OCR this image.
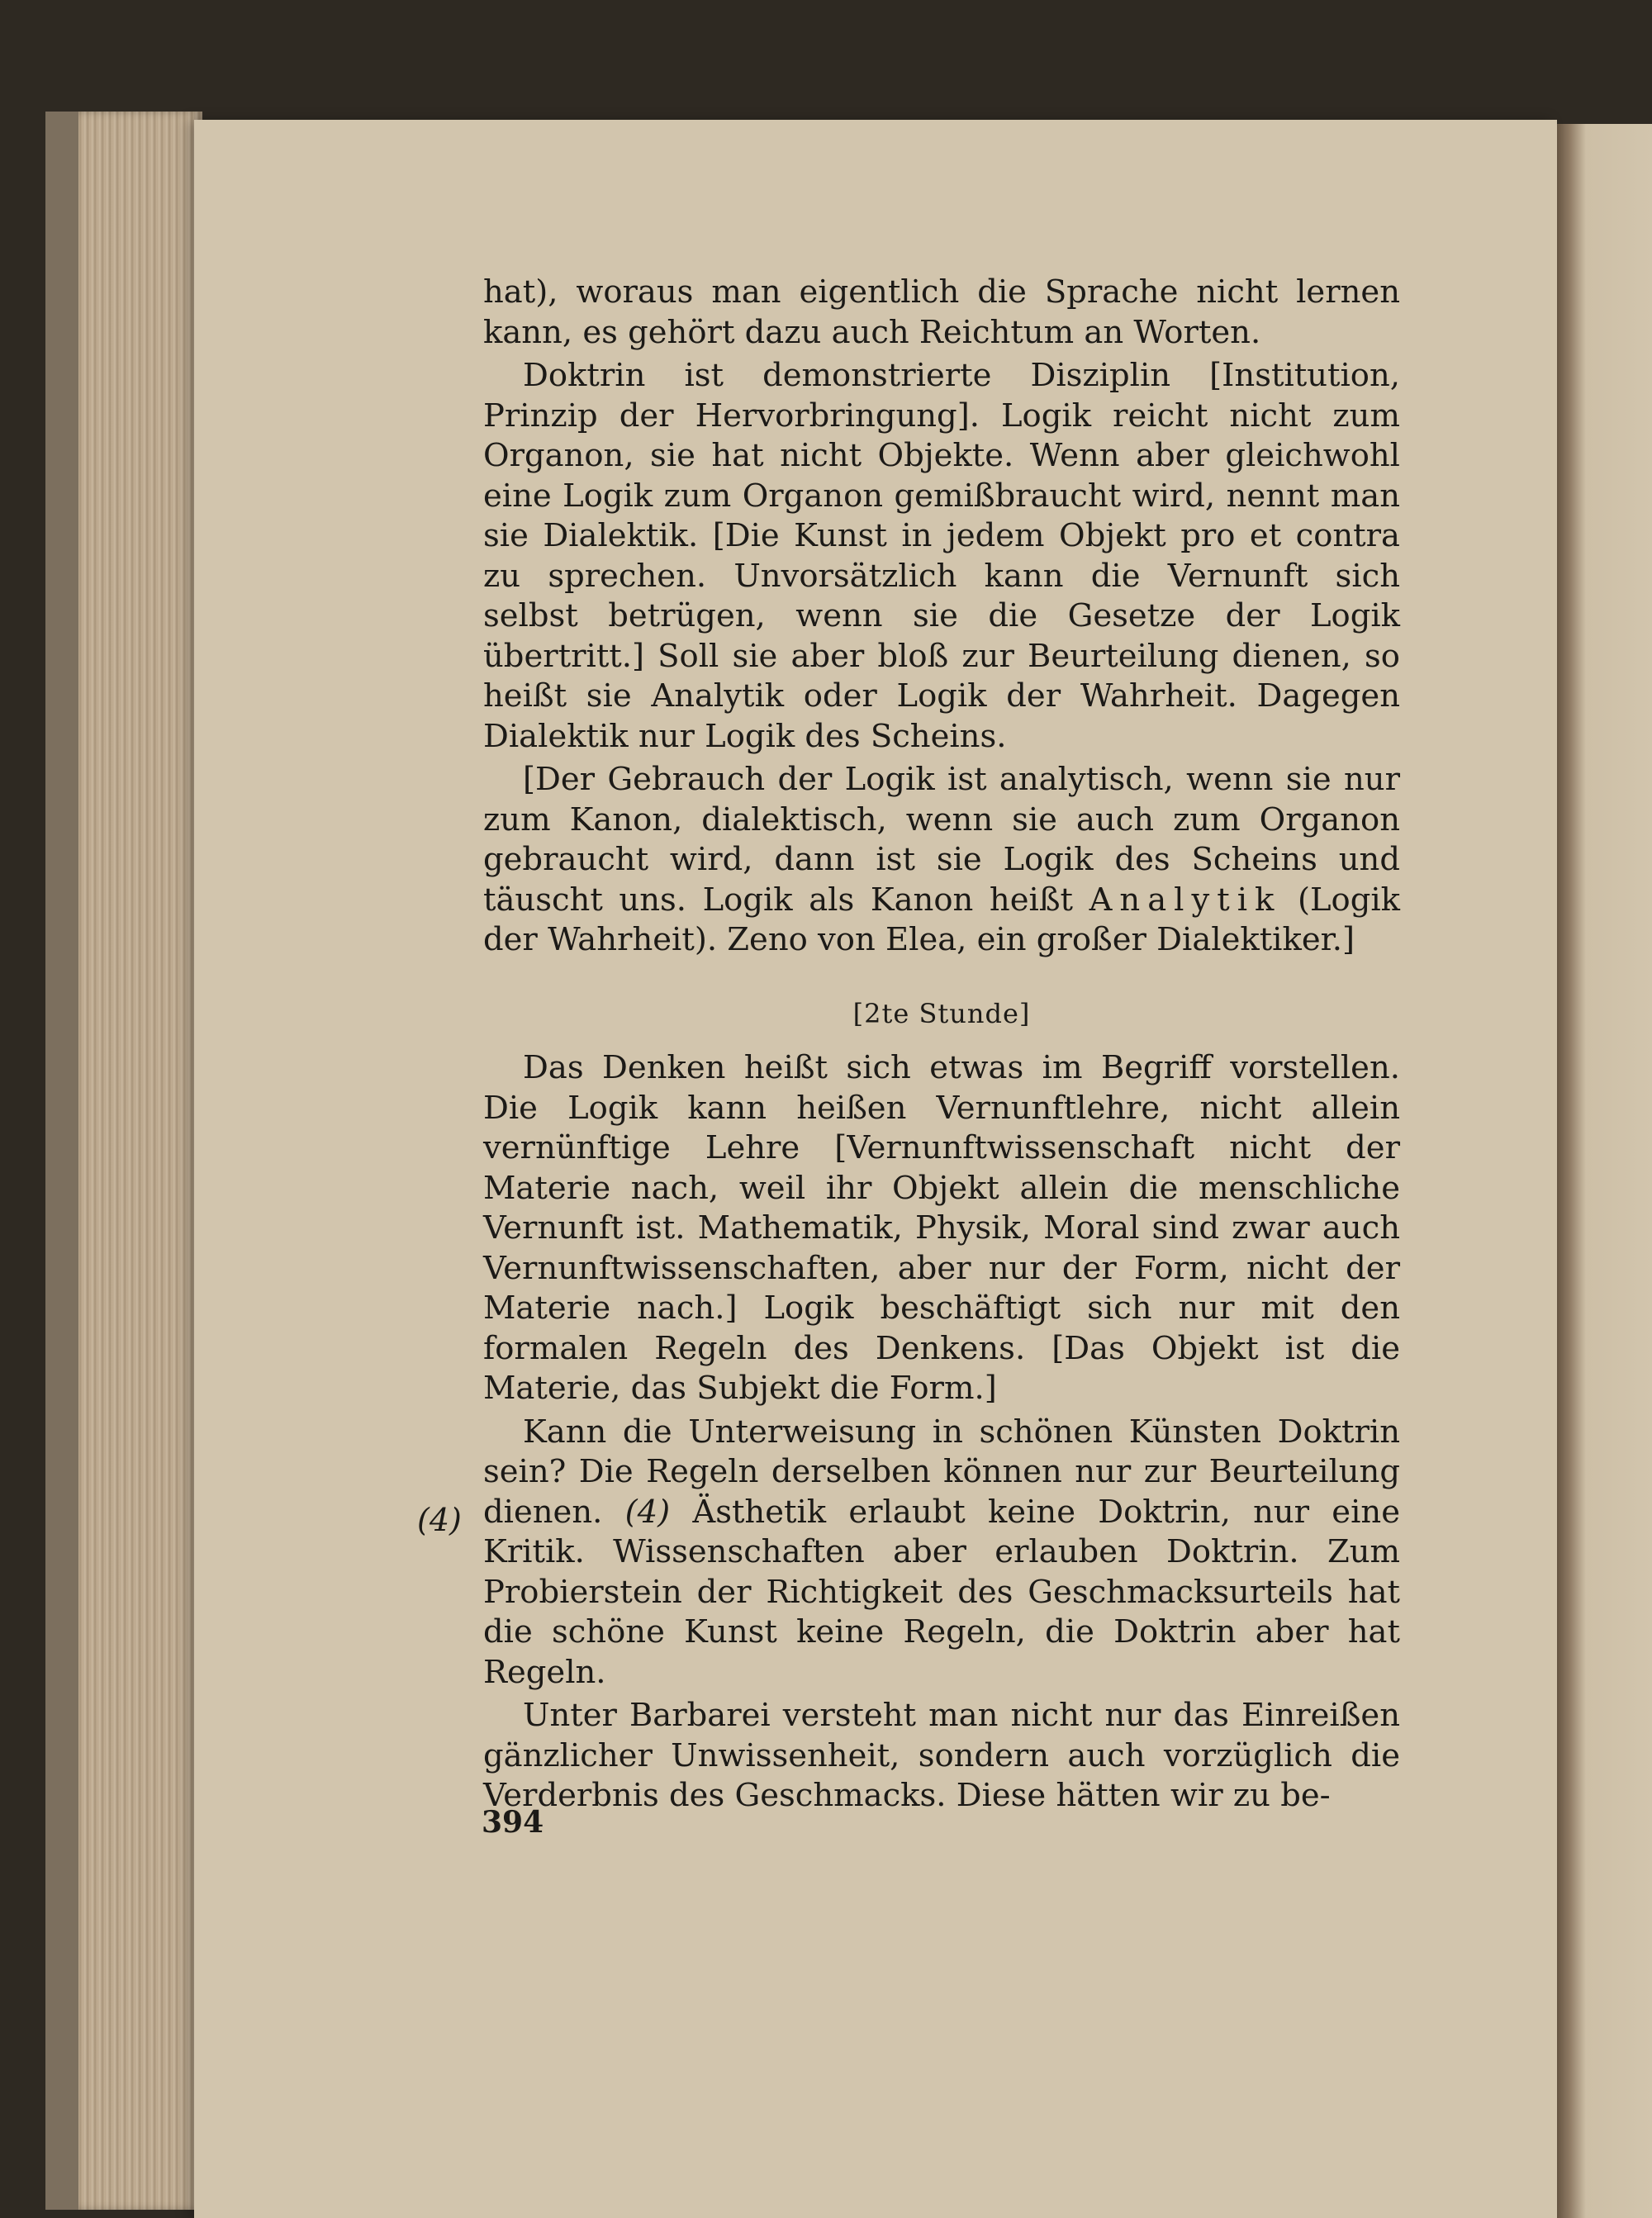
hat), woraus man eigentlich die Sprache nicht lernen kann, es gehört dazu auch Reichtum an Worten.

Doktrin ist demonstrierte Disziplin [Institution, Prinzip der Hervorbringung]. Logik reicht nicht zum Organon, sie hat nicht Objekte. Wenn aber gleichwohl eine Logik zum Organon gemißbraucht wird, nennt man sie Dialektik. [Die Kunst in jedem Objekt pro et contra zu sprechen. Unvorsätzlich kann die Vernunft sich selbst betrügen, wenn sie die Gesetze der Logik übertritt.] Soll sie aber bloß zur Beurteilung dienen, so heißt sie Analytik oder Logik der Wahrheit. Dagegen Dialektik nur Logik des Scheins.

[Der Gebrauch der Logik ist analytisch, wenn sie nur zum Kanon, dialektisch, wenn sie auch zum Organon gebraucht wird, dann ist sie Logik des Scheins und täuscht uns. Logik als Kanon heißt Analytik (Logik der Wahrheit). Zeno von Elea, ein großer Dialektiker.]

[2te Stunde]

Das Denken heißt sich etwas im Begriff vorstellen. Die Logik kann heißen Vernunftlehre, nicht allein vernünftige Lehre [Vernunftwissenschaft nicht der Materie nach, weil ihr Objekt allein die menschliche Vernunft ist. Mathematik, Physik, Moral sind zwar auch Vernunftwissenschaften, aber nur der Form, nicht der Materie nach.] Logik beschäftigt sich nur mit den formalen Regeln des Denkens. [Das Objekt ist die Materie, das Subjekt die Form.]

Kann die Unterweisung in schönen Künsten Doktrin sein? Die Regeln derselben können nur zur Beurteilung dienen. (4) Ästhetik erlaubt keine Doktrin, nur eine Kritik. Wissenschaften aber erlauben Doktrin. Zum Probierstein der Richtigkeit des Geschmacksurteils hat die schöne Kunst keine Regeln, die Doktrin aber hat Regeln.

Unter Barbarei versteht man nicht nur das Einreißen gänzlicher Unwissenheit, sondern auch vorzüglich die Verderbnis des Geschmacks. Diese hätten wir zu be-

(4)
394
